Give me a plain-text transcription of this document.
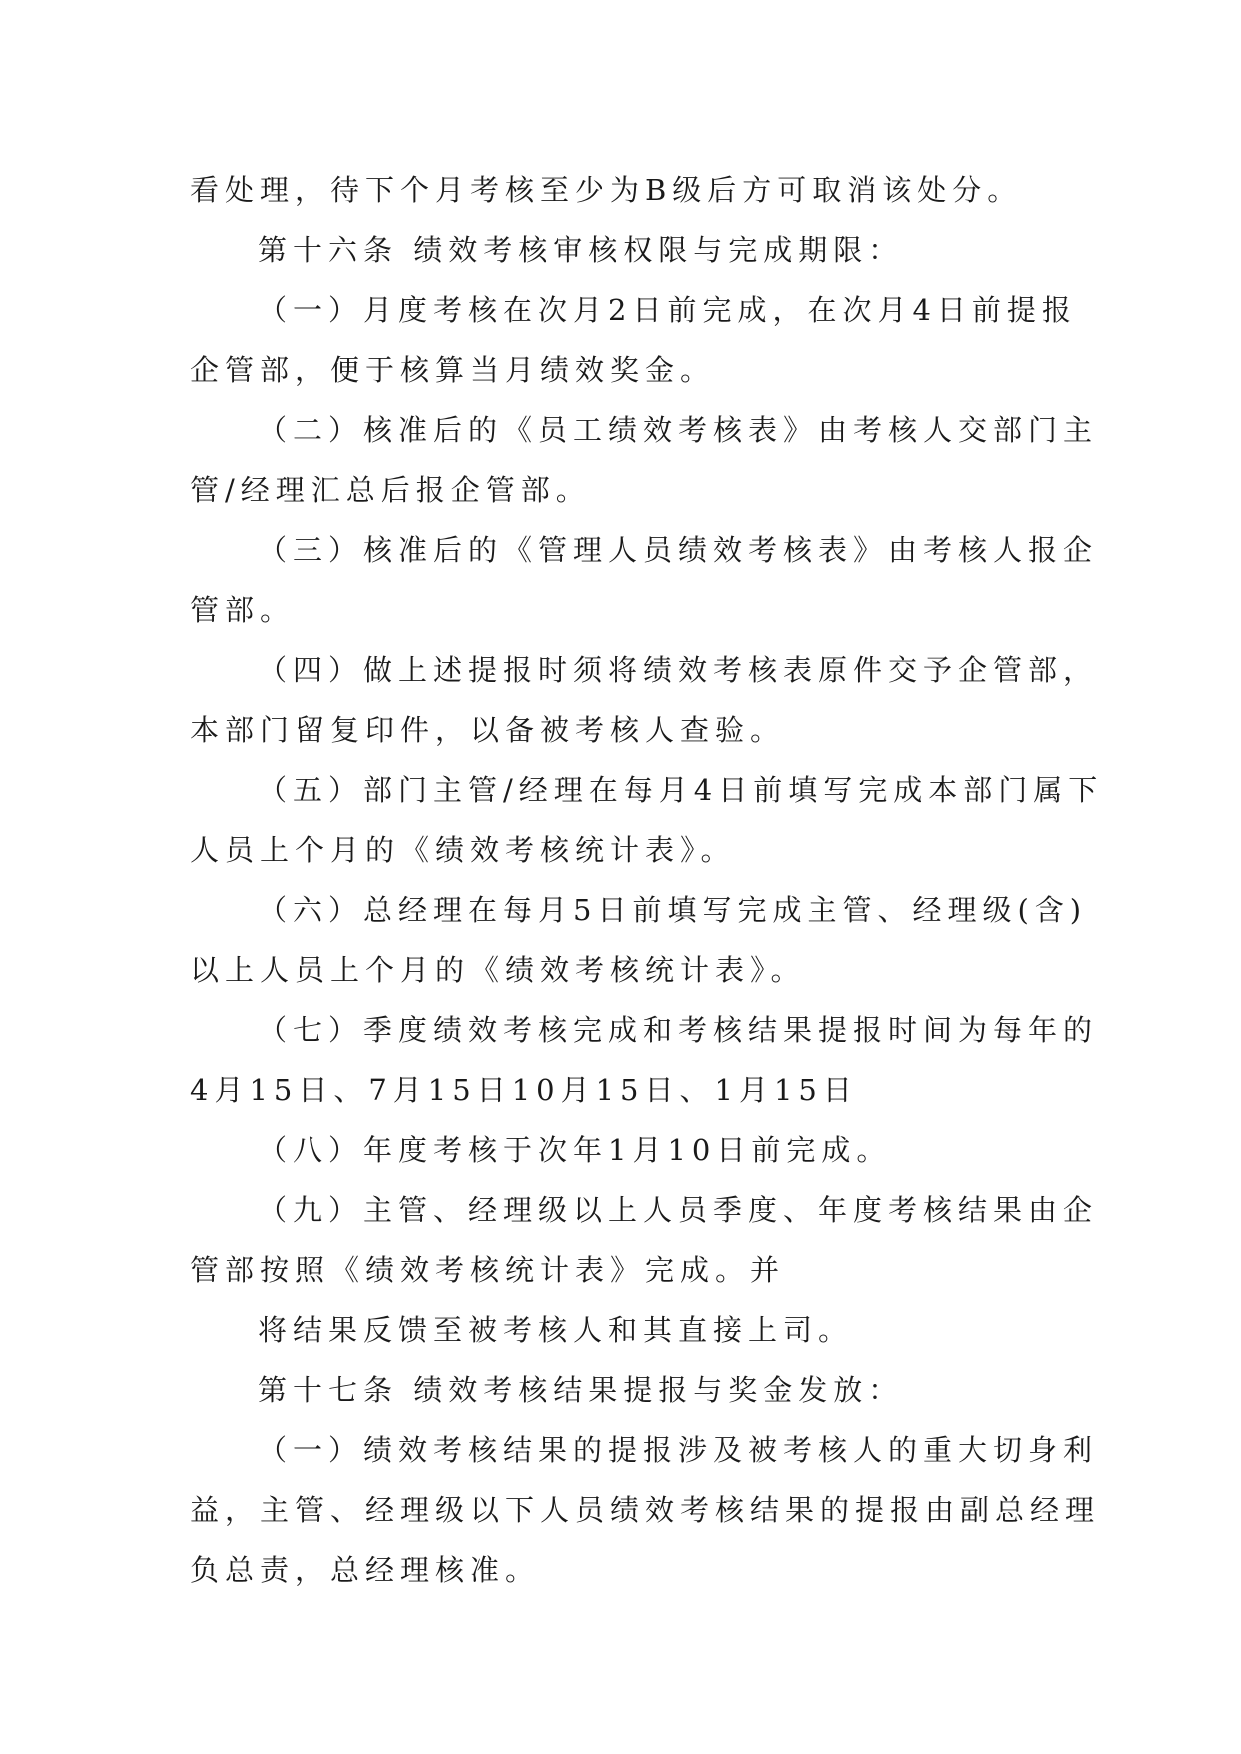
看处理，待下个月考核至少为B级后方可取消该处分。
第十六条 绩效考核审核权限与完成期限：
（一）月度考核在次月2日前完成，在次月4日前提报
企管部，便于核算当月绩效奖金。
（二）核准后的《员工绩效考核表》由考核人交部门主
管/经理汇总后报企管部。
（三）核准后的《管理人员绩效考核表》由考核人报企
管部。
（四）做上述提报时须将绩效考核表原件交予企管部，
本部门留复印件，以备被考核人查验。
（五）部门主管/经理在每月4日前填写完成本部门属下
人员上个月的《绩效考核统计表》。
（六）总经理在每月5日前填写完成主管、经理级(含)
以上人员上个月的《绩效考核统计表》。
（七）季度绩效考核完成和考核结果提报时间为每年的
4月15日、7月15日10月15日、1月15日
（八）年度考核于次年1月10日前完成。
（九）主管、经理级以上人员季度、年度考核结果由企
管部按照《绩效考核统计表》完成。并
将结果反馈至被考核人和其直接上司。
第十七条 绩效考核结果提报与奖金发放：
（一）绩效考核结果的提报涉及被考核人的重大切身利
益，主管、经理级以下人员绩效考核结果的提报由副总经理
负总责，总经理核准。
